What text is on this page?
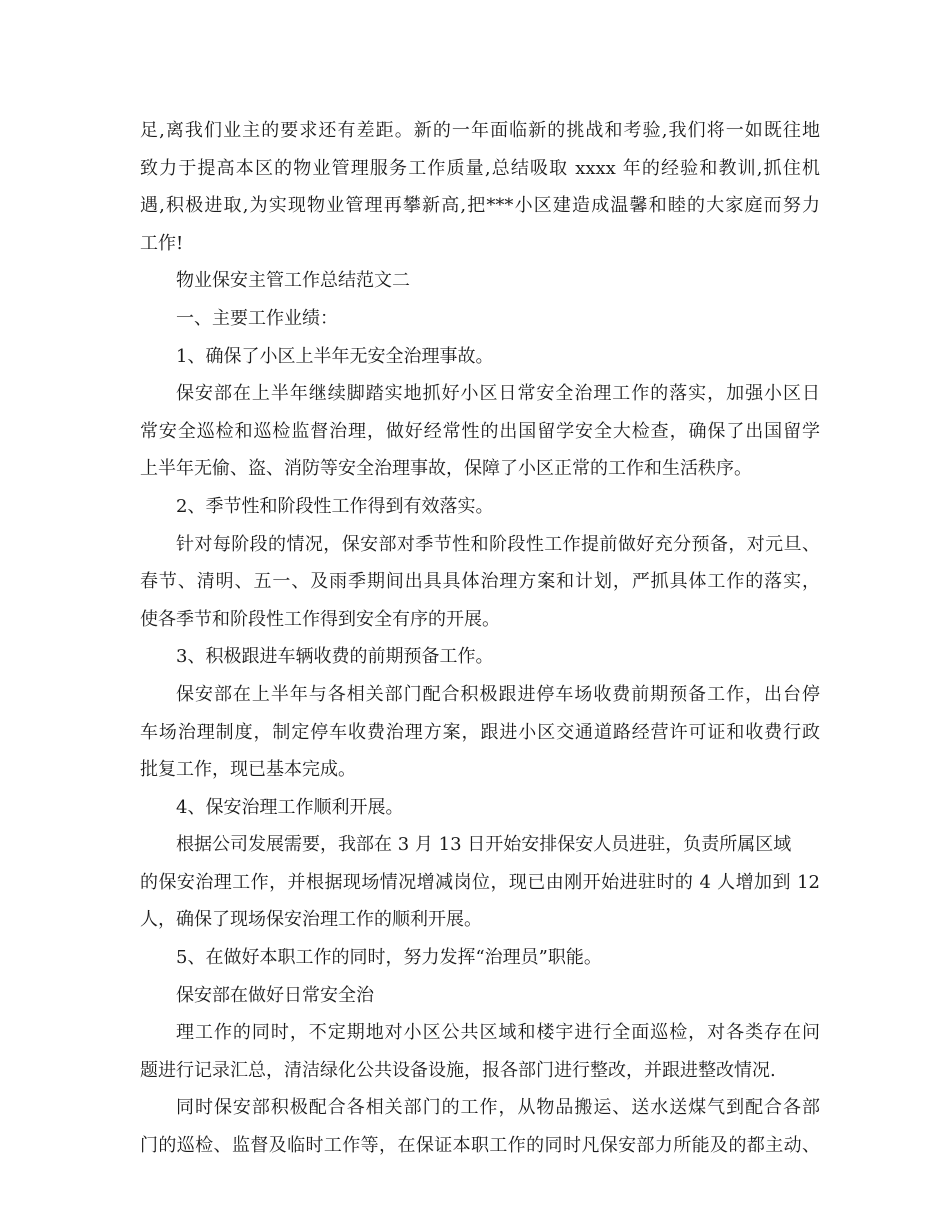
足,离我们业主的要求还有差距。新的一年面临新的挑战和考验,我们将一如既往地
致力于提高本区的物业管理服务工作质量,总结吸取 xxxx 年的经验和教训,抓住机
遇,积极进取,为实现物业管理再攀新高,把***小区建造成温馨和睦的大家庭而努力
工作!
物业保安主管工作总结范文二
一、主要工作业绩：
1、确保了小区上半年无安全治理事故。
保安部在上半年继续脚踏实地抓好小区日常安全治理工作的落实，加强小区日
常安全巡检和巡检监督治理，做好经常性的出国留学安全大检查，确保了出国留学
上半年无偷、盗、消防等安全治理事故，保障了小区正常的工作和生活秩序。
2、季节性和阶段性工作得到有效落实。
针对每阶段的情况，保安部对季节性和阶段性工作提前做好充分预备，对元旦、
春节、清明、五一、及雨季期间出具具体治理方案和计划，严抓具体工作的落实，
使各季节和阶段性工作得到安全有序的开展。
3、积极跟进车辆收费的前期预备工作。
保安部在上半年与各相关部门配合积极跟进停车场收费前期预备工作，出台停
车场治理制度，制定停车收费治理方案，跟进小区交通道路经营许可证和收费行政
批复工作，现已基本完成。
4、保安治理工作顺利开展。
根据公司发展需要，我部在 3 月 13 日开始安排保安人员进驻，负责所属区域
的保安治理工作，并根据现场情况增减岗位，现已由刚开始进驻时的 4 人增加到 12
人，确保了现场保安治理工作的顺利开展。
5、在做好本职工作的同时，努力发挥“治理员”职能。
保安部在做好日常安全治
理工作的同时，不定期地对小区公共区域和楼宇进行全面巡检，对各类存在问
题进行记录汇总，清洁绿化公共设备设施，报各部门进行整改，并跟进整改情况.
同时保安部积极配合各相关部门的工作，从物品搬运、送水送煤气到配合各部
门的巡检、监督及临时工作等，在保证本职工作的同时凡保安部力所能及的都主动、
